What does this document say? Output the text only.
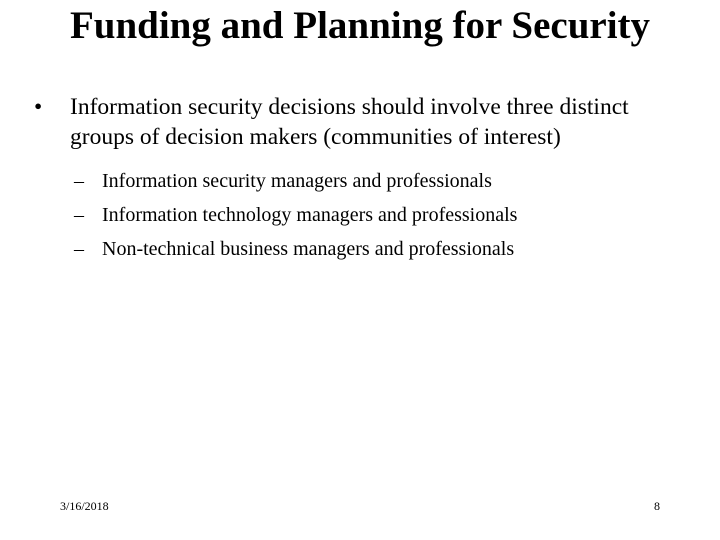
Funding and Planning for Security
• Information security decisions should involve three distinct groups of decision makers (communities of interest)
– Information security managers and professionals
– Information technology managers and professionals
– Non-technical business managers and professionals
3/16/2018	8
